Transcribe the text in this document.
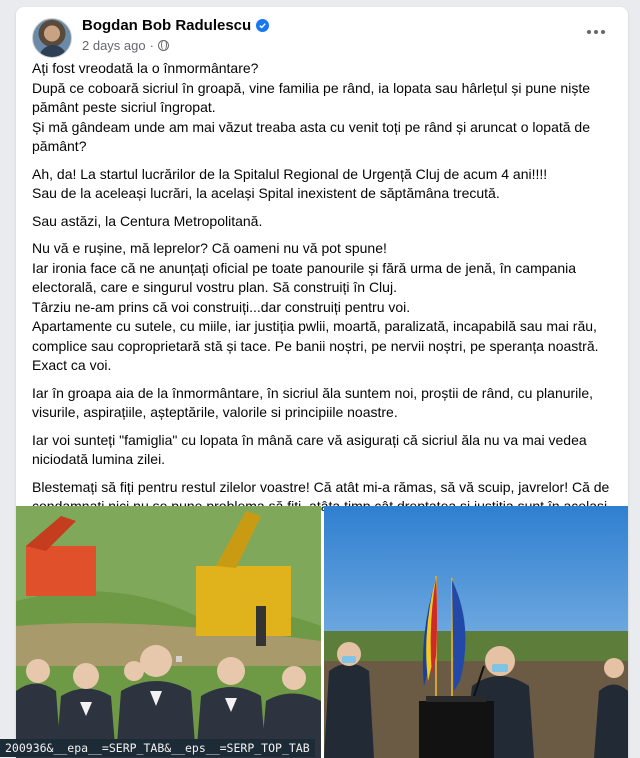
Bogdan Bob Radulescu
2 days ago ·

Ați fost vreodată la o înmormântare?
După ce coboară sicriul în groapă, vine familia pe rând, ia lopata sau hârlețul și pune niște
pământ peste sicriul îngropat.
Și mă gândeam unde am mai văzut treaba asta cu venit toți pe rând și aruncat o lopată de
pământ?

Ah, da! La startul lucrărilor de la Spitalul Regional de Urgență Cluj de acum 4 ani!!!!
Sau de la aceleași lucrări, la același Spital inexistent de săptămâna trecută.

Sau astăzi, la Centura Metropolitană.

Nu vă e rușine, mă leprelor? Că oameni nu vă pot spune!
Iar ironia face că ne anunțați oficial pe toate panourile și fără urma de jenă, în campania
electorală, care e singurul vostru plan. Să construiți în Cluj.
Târziu ne-am prins că voi construiți...dar construiți pentru voi.
Apartamente cu sutele, cu miile, iar justiția pwlii, moartă, paralizată, incapabilă sau mai rău,
complice sau coproprietară stă și tace. Pe banii noștri, pe nervii noștri, pe speranța noastră.
Exact ca voi.

Iar în groapa aia de la înmormântare, în sicriul ăla suntem noi, proștii de rând, cu planurile,
visurile, aspirațiile, așteptările, valorile si principiile noastre.

Iar voi sunteți "famiglia" cu lopata în mână care vă asigurați că sicriul ăla nu va mai vedea
niciodată lumina zilei.

Blestemați să fiți pentru restul zilelor voastre! Că atât mi-a rămas, să vă scuip, javrelor! Că de

200936&__epa__=SERP_TAB&__eps__=SERP_TOP_TAB
